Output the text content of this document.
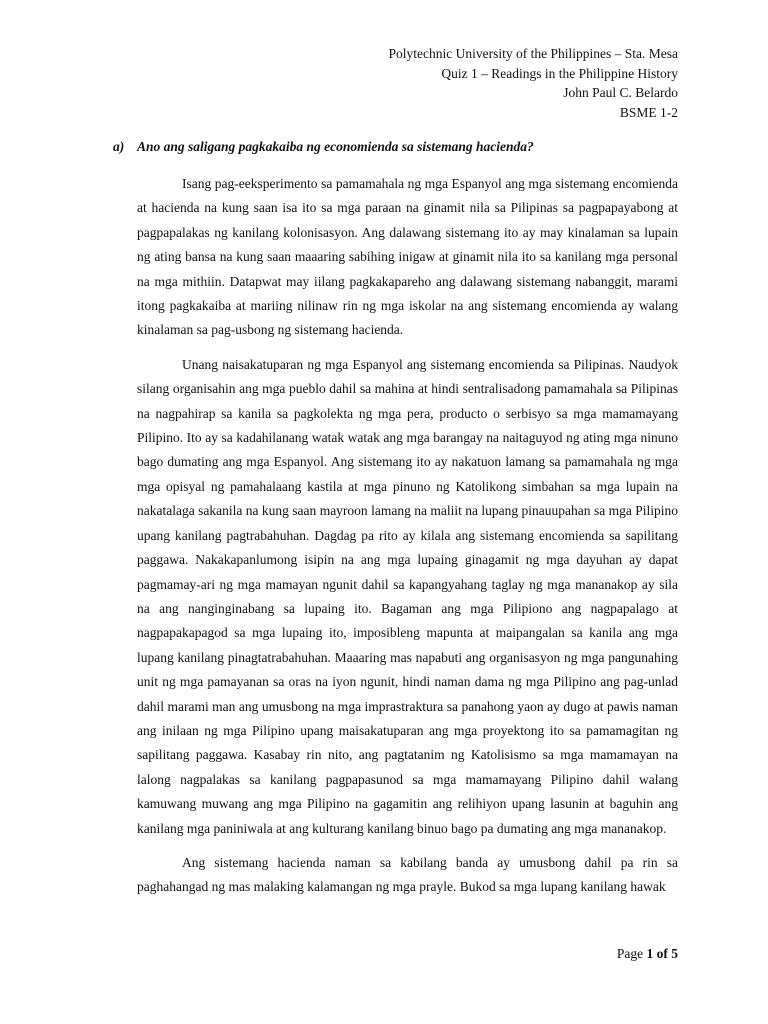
Polytechnic University of the Philippines – Sta. Mesa
Quiz 1 – Readings in the Philippine History
John Paul C. Belardo
BSME 1-2
a) Ano ang saligang pagkakaiba ng economienda sa sistemang hacienda?

Isang pag-eeksperimento sa pamamahala ng mga Espanyol ang mga sistemang encomienda at hacienda na kung saan isa ito sa mga paraan na ginamit nila sa Pilipinas sa pagpapayabong at pagpapalakas ng kanilang kolonisasyon. Ang dalawang sistemang ito ay may kinalaman sa lupain ng ating bansa na kung saan maaaring sabihing inigaw at ginamit nila ito sa kanilang mga personal na mga mithiin. Datapwat may iilang pagkakapareho ang dalawang sistemang nabanggit, marami itong pagkakaiba at mariing nilinaw rin ng mga iskolar na ang sistemang encomienda ay walang kinalaman sa pag-usbong ng sistemang hacienda.

Unang naisakatuparan ng mga Espanyol ang sistemang encomienda sa Pilipinas. Naudyok silang organisahin ang mga pueblo dahil sa mahina at hindi sentralisadong pamamahala sa Pilipinas na nagpahirap sa kanila sa pagkolekta ng mga pera, producto o serbisyo sa mga mamamayang Pilipino. Ito ay sa kadahilanang watak watak ang mga barangay na naitaguyod ng ating mga ninuno bago dumating ang mga Espanyol. Ang sistemang ito ay nakatuon lamang sa pamamahala ng mga mga opisyal ng pamahalaang kastila at mga pinuno ng Katolikong simbahan sa mga lupain na nakatalaga sakanila na kung saan mayroon lamang na maliit na lupang pinauupahan sa mga Pilipino upang kanilang pagtrabahuhan. Dagdag pa rito ay kilala ang sistemang encomienda sa sapilitang paggawa. Nakakapanlumong isipin na ang mga lupaing ginagamit ng mga dayuhan ay dapat pagmamay-ari ng mga mamayan ngunit dahil sa kapangyahang taglay ng mga mananakop ay sila na ang nanginginabang sa lupaing ito. Bagaman ang mga Pilipiono ang nagpapalago at nagpapakapagod sa mga lupaing ito, imposibleng mapunta at maipangalan sa kanila ang mga lupang kanilang pinagtatrabahuhan. Maaaring mas napabuti ang organisasyon ng mga pangunahing unit ng mga pamayanan sa oras na iyon ngunit, hindi naman dama ng mga Pilipino ang pag-unlad dahil marami man ang umusbong na mga imprastraktura sa panahong yaon ay dugo at pawis naman ang inilaan ng mga Pilipino upang maisakatuparan ang mga proyektong ito sa pamamagitan ng sapilitang paggawa. Kasabay rin nito, ang pagtatanim ng Katolisismo sa mga mamamayan na lalong nagpalakas sa kanilang pagpapasunod sa mga mamamayang Pilipino dahil walang kamuwang muwang ang mga Pilipino na gagamitin ang relihiyon upang lasunin at baguhin ang kanilang mga paniniwala at ang kulturang kanilang binuo bago pa dumating ang mga mananakop.

Ang sistemang hacienda naman sa kabilang banda ay umusbong dahil pa rin sa paghahangad ng mas malaking kalamangan ng mga prayle. Bukod sa mga lupang kanilang hawak

Page 1 of 5
